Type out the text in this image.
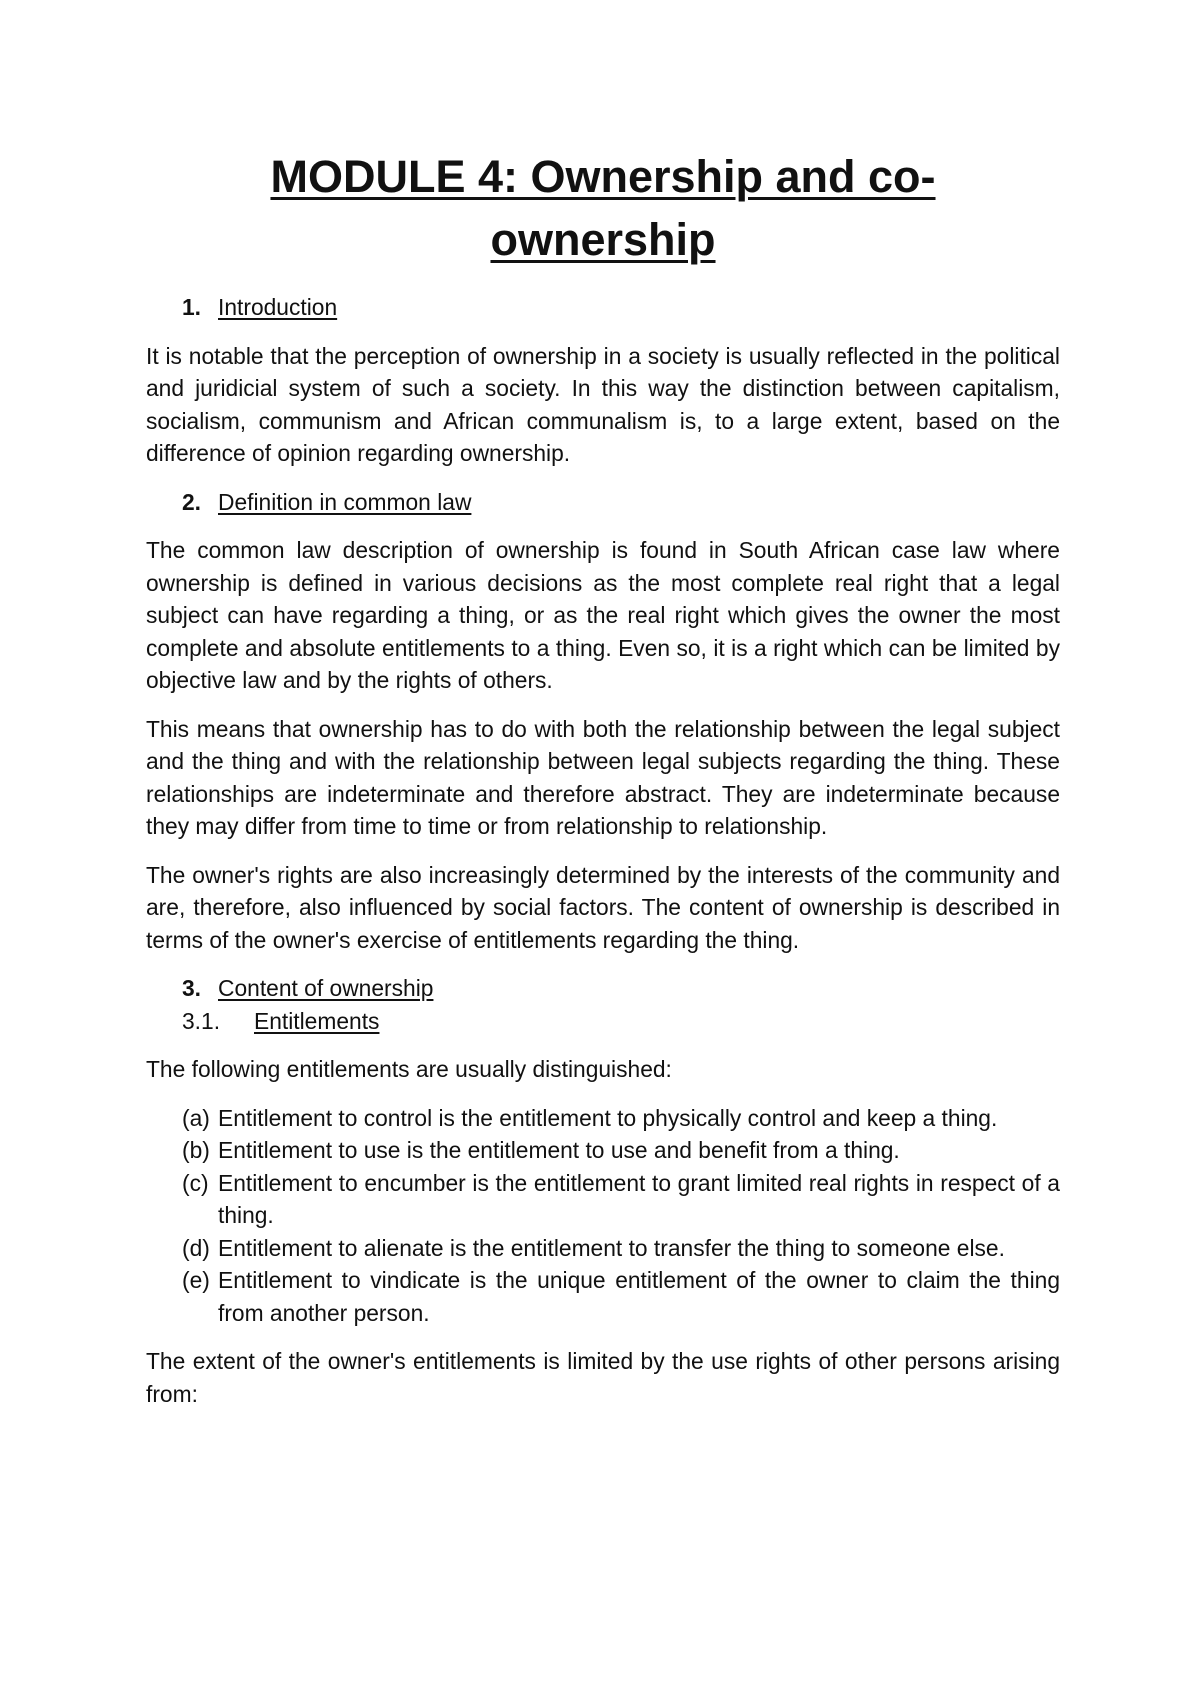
MODULE 4: Ownership and co-
ownership
1. Introduction

It is notable that the perception of ownership in a society is usually reflected in the political and juridicial system of such a society. In this way the distinction between capitalism, socialism, communism and African communalism is, to a large extent, based on the difference of opinion regarding ownership.

2. Definition in common law

The common law description of ownership is found in South African case law where ownership is defined in various decisions as the most complete real right that a legal subject can have regarding a thing, or as the real right which gives the owner the most complete and absolute entitlements to a thing. Even so, it is a right which can be limited by objective law and by the rights of others.

This means that ownership has to do with both the relationship between the legal subject and the thing and with the relationship between legal subjects regarding the thing. These relationships are indeterminate and therefore abstract. They are indeterminate because they may differ from time to time or from relationship to relationship.

The owner's rights are also increasingly determined by the interests of the community and are, therefore, also influenced by social factors. The content of ownership is described in terms of the owner's exercise of entitlements regarding the thing.

3. Content of ownership
3.1.	Entitlements

The following entitlements are usually distinguished:

(a) Entitlement to control is the entitlement to physically control and keep a thing.
(b) Entitlement to use is the entitlement to use and benefit from a thing.
(c) Entitlement to encumber is the entitlement to grant limited real rights in respect of a thing.
(d) Entitlement to alienate is the entitlement to transfer the thing to someone else.
(e) Entitlement to vindicate is the unique entitlement of the owner to claim the thing from another person.

The extent of the owner's entitlements is limited by the use rights of other persons arising from:
